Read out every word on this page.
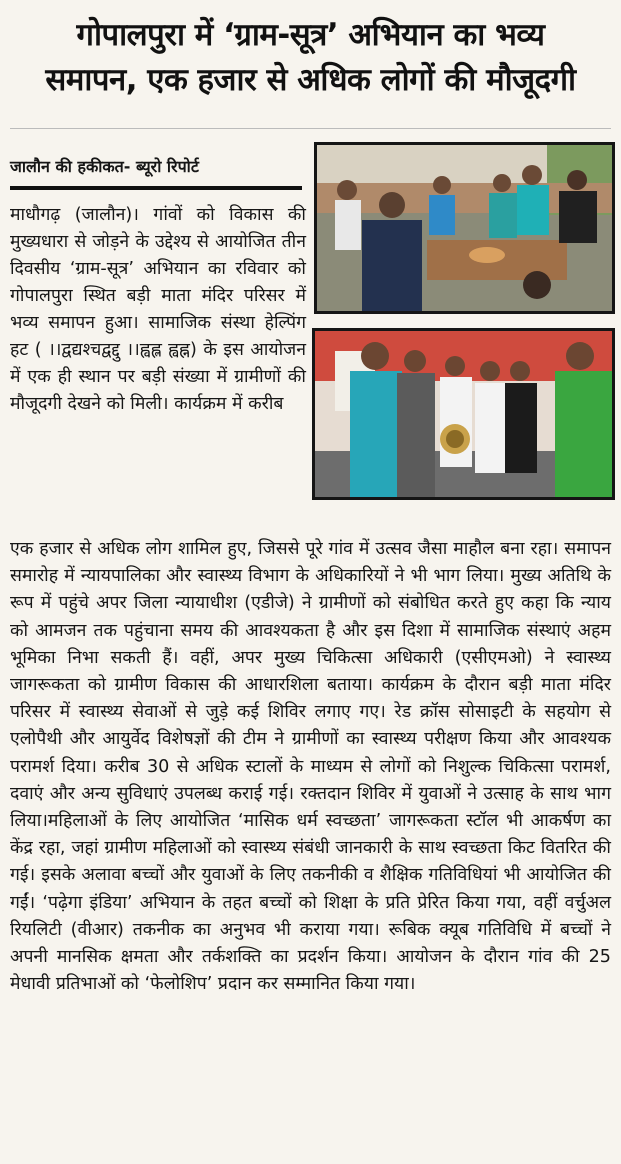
गोपालपुरा में ‘ग्राम-सूत्र’ अभियान का भव्य
समापन, एक हजार से अधिक लोगों की मौजूदगी
जालौन की हकीकत- ब्यूरो रिपोर्ट

माधौगढ़ (जालौन)। गांवों को विकास की मुख्यधारा से जोड़ने के उद्देश्य से आयोजित तीन दिवसीय ‘ग्राम-सूत्र’ अभियान का रविवार को गोपालपुरा स्थित बड़ी माता मंदिर परिसर में भव्य समापन हुआ। सामाजिक संस्था हेल्पिंग हट ( ।।द्वद्यश्चद्वद्दु ।।ह्वह्ल ह्वह्न) के इस आयोजन में एक ही स्थान पर बड़ी संख्या में ग्रामीणों की मौजूदगी देखने को मिली। कार्यक्रम में करीब

एक हजार से अधिक लोग शामिल हुए, जिससे पूरे गांव में उत्सव जैसा माहौल बना रहा। समापन समारोह में न्यायपालिका और स्वास्थ्य विभाग के अधिकारियों ने भी भाग लिया। मुख्य अतिथि के रूप में पहुंचे अपर जिला न्यायाधीश (एडीजे) ने ग्रामीणों को संबोधित करते हुए कहा कि न्याय को आमजन तक पहुंचाना समय की आवश्यकता है और इस दिशा में सामाजिक संस्थाएं अहम भूमिका निभा सकती हैं। वहीं, अपर मुख्य चिकित्सा अधिकारी (एसीएमओ) ने स्वास्थ्य जागरूकता को ग्रामीण विकास की आधारशिला बताया। कार्यक्रम के दौरान बड़ी माता मंदिर परिसर में स्वास्थ्य सेवाओं से जुड़े कई शिविर लगाए गए। रेड क्रॉस सोसाइटी के सहयोग से एलोपैथी और आयुर्वेद विशेषज्ञों की टीम ने ग्रामीणों का स्वास्थ्य परीक्षण किया और आवश्यक परामर्श दिया। करीब 30 से अधिक स्टालों के माध्यम से लोगों को निशुल्क चिकित्सा परामर्श, दवाएं और अन्य सुविधाएं उपलब्ध कराई गई। रक्तदान शिविर में युवाओं ने उत्साह के साथ भाग लिया।महिलाओं के लिए आयोजित ‘मासिक धर्म स्वच्छता’ जागरूकता स्टॉल भी आकर्षण का केंद्र रहा, जहां ग्रामीण महिलाओं को स्वास्थ्य संबंधी जानकारी के साथ स्वच्छता किट वितरित की गई। इसके अलावा बच्चों और युवाओं के लिए तकनीकी व शैक्षिक गतिविधियां भी आयोजित की गईं। ‘पढ़ेगा इंडिया’ अभियान के तहत बच्चों को शिक्षा के प्रति प्रेरित किया गया, वहीं वर्चुअल रियलिटी (वीआर) तकनीक का अनुभव भी कराया गया। रूबिक क्यूब गतिविधि में बच्चों ने अपनी मानसिक क्षमता और तर्कशक्ति का प्रदर्शन किया। आयोजन के दौरान गांव की 25 मेधावी प्रतिभाओं को ‘फेलोशिप’ प्रदान कर सम्मानित किया गया।
